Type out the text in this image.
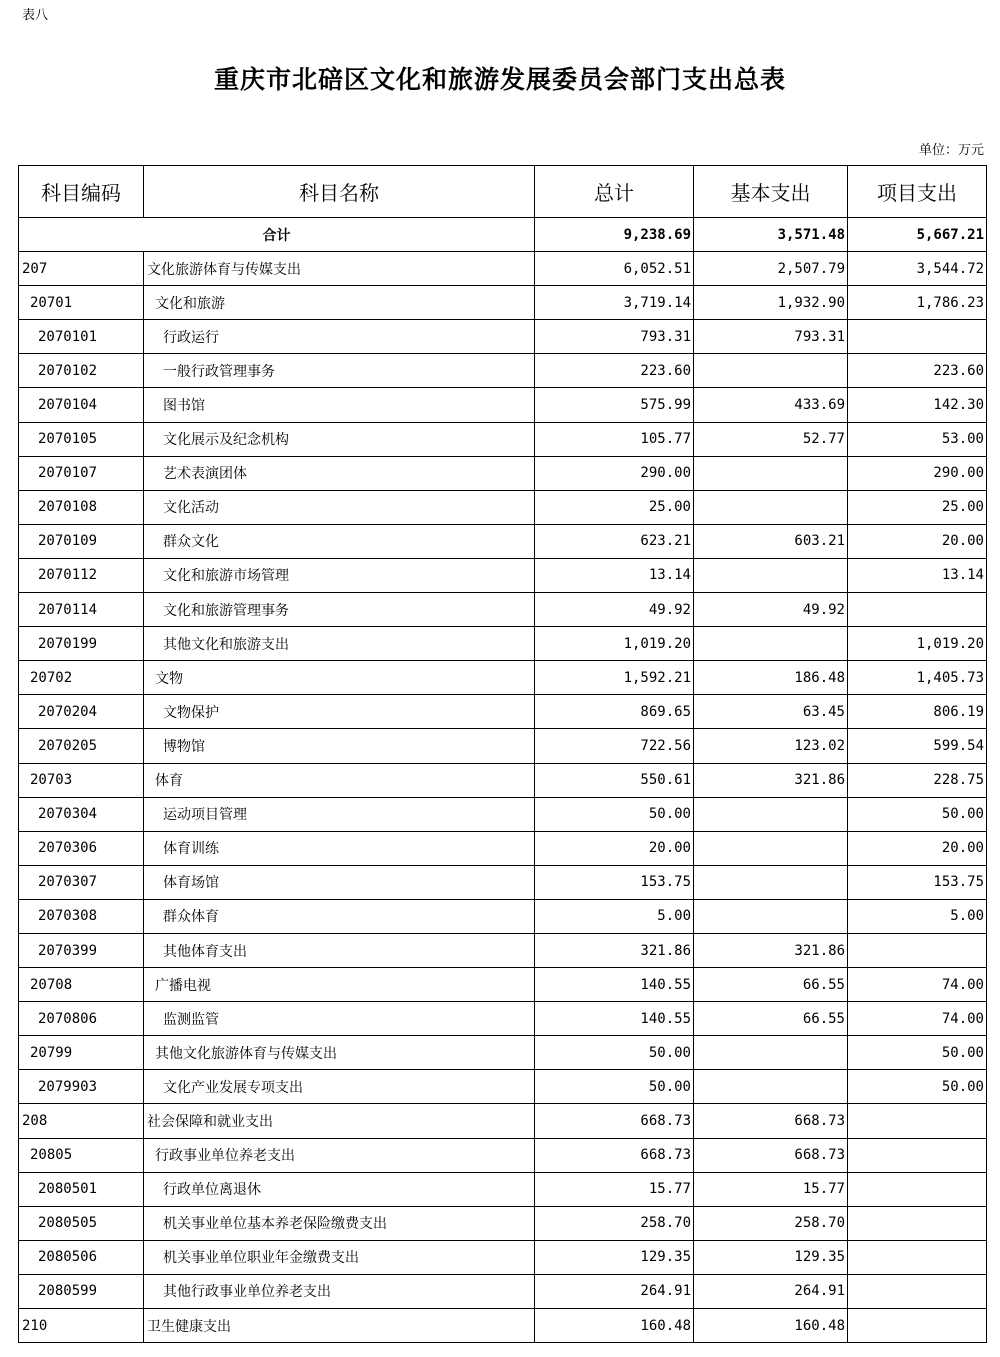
表八
重庆市北碚区文化和旅游发展委员会部门支出总表
单位：万元
科目编码	科目名称	总计	基本支出	项目支出
合计		9,238.69	3,571.48	5,667.21
207	文化旅游体育与传媒支出	6,052.51	2,507.79	3,544.72
20701	文化和旅游	3,719.14	1,932.90	1,786.23
2070101	行政运行	793.31	793.31	
2070102	一般行政管理事务	223.60		223.60
2070104	图书馆	575.99	433.69	142.30
2070105	文化展示及纪念机构	105.77	52.77	53.00
2070107	艺术表演团体	290.00		290.00
2070108	文化活动	25.00		25.00
2070109	群众文化	623.21	603.21	20.00
2070112	文化和旅游市场管理	13.14		13.14
2070114	文化和旅游管理事务	49.92	49.92	
2070199	其他文化和旅游支出	1,019.20		1,019.20
20702	文物	1,592.21	186.48	1,405.73
2070204	文物保护	869.65	63.45	806.19
2070205	博物馆	722.56	123.02	599.54
20703	体育	550.61	321.86	228.75
2070304	运动项目管理	50.00		50.00
2070306	体育训练	20.00		20.00
2070307	体育场馆	153.75		153.75
2070308	群众体育	5.00		5.00
2070399	其他体育支出	321.86	321.86	
20708	广播电视	140.55	66.55	74.00
2070806	监测监管	140.55	66.55	74.00
20799	其他文化旅游体育与传媒支出	50.00		50.00
2079903	文化产业发展专项支出	50.00		50.00
208	社会保障和就业支出	668.73	668.73	
20805	行政事业单位养老支出	668.73	668.73	
2080501	行政单位离退休	15.77	15.77	
2080505	机关事业单位基本养老保险缴费支出	258.70	258.70	
2080506	机关事业单位职业年金缴费支出	129.35	129.35	
2080599	其他行政事业单位养老支出	264.91	264.91	
210	卫生健康支出	160.48	160.48	
